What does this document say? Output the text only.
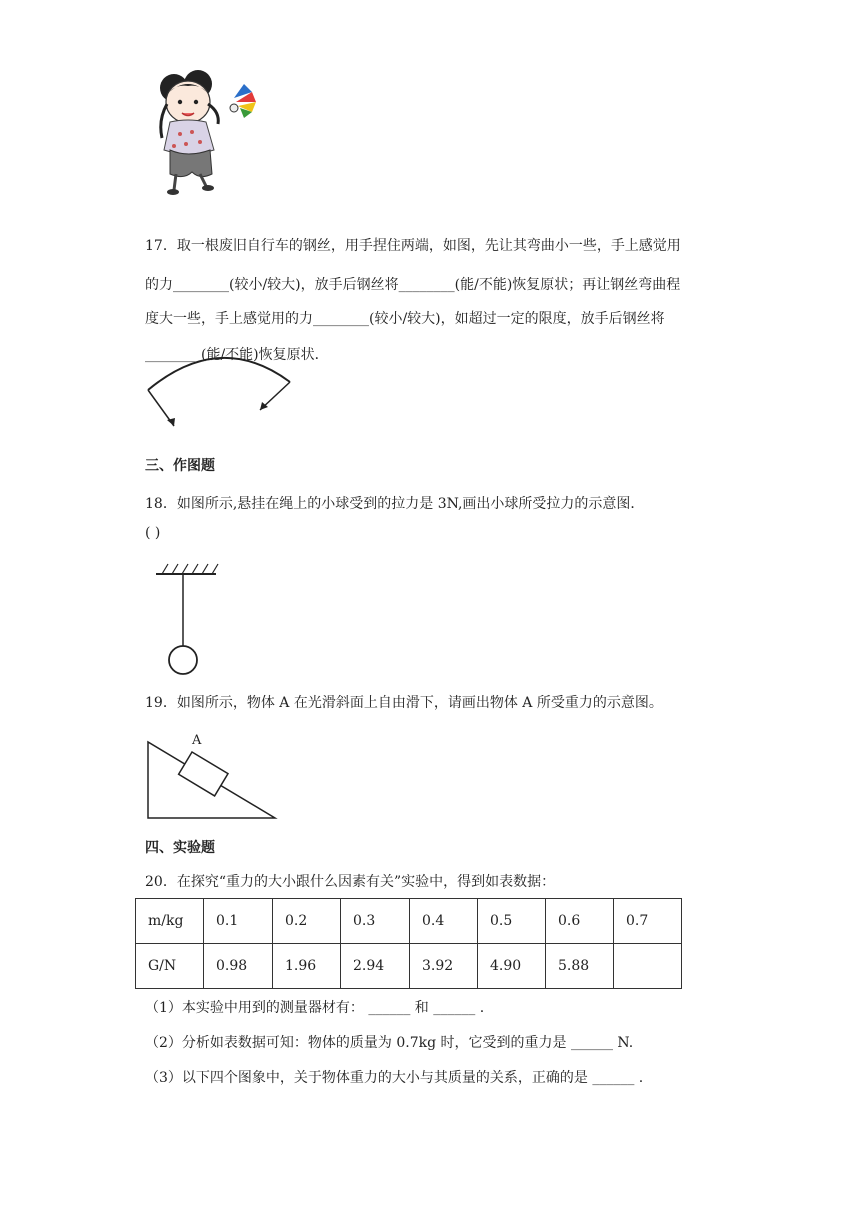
17．取一根废旧自行车的钢丝，用手捏住两端，如图，先让其弯曲小一些，手上感觉用
的力________(较小/较大)，放手后钢丝将________(能/不能)恢复原状；再让钢丝弯曲程
度大一些，手上感觉用的力________(较小/较大)，如超过一定的限度，放手后钢丝将
________(能/不能)恢复原状．
三、作图题
18．如图所示,悬挂在绳上的小球受到的拉力是 3N,画出小球所受拉力的示意图．
( )
19．如图所示，物体 A 在光滑斜面上自由滑下，请画出物体 A 所受重力的示意图。
A
四、实验题
20．在探究“重力的大小跟什么因素有关”实验中，得到如表数据：
m/kg	0.1	0.2	0.3	0.4	0.5	0.6	0.7
G/N	0.98	1.96	2.94	3.92	4.90	5.88	
（1）本实验中用到的测量器材有： ______ 和 ______ .
（2）分析如表数据可知：物体的质量为 0.7kg 时，它受到的重力是 ______ N.
（3）以下四个图象中，关于物体重力的大小与其质量的关系，正确的是 ______ .
